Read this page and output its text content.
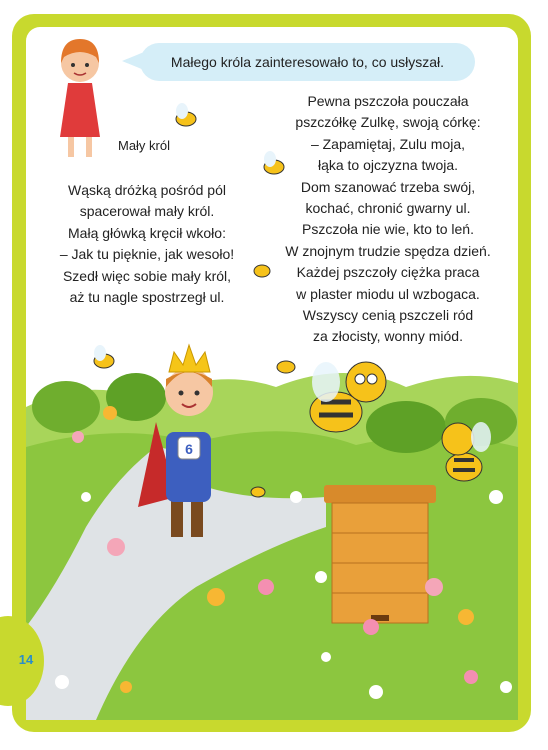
6
14
Małego króla zainteresowało to, co usłyszał.
Mały król
Wąską dróżką pośród pól
spacerował mały król.
Małą główką kręcił wkoło:
– Jak tu pięknie, jak wesoło!
Szedł więc sobie mały król,
aż tu nagle spostrzegł ul.
Pewna pszczoła pouczała
pszczółkę Zulkę, swoją córkę:
– Zapamiętaj, Zulu moja,
łąka to ojczyzna twoja.
Dom szanować trzeba swój,
kochać, chronić gwarny ul.
Pszczoła nie wie, kto to leń.
W znojnym trudzie spędza dzień.
Każdej pszczoły ciężka praca
w plaster miodu ul wzbogaca.
Wszyscy cenią pszczeli ród
za złocisty, wonny miód.
